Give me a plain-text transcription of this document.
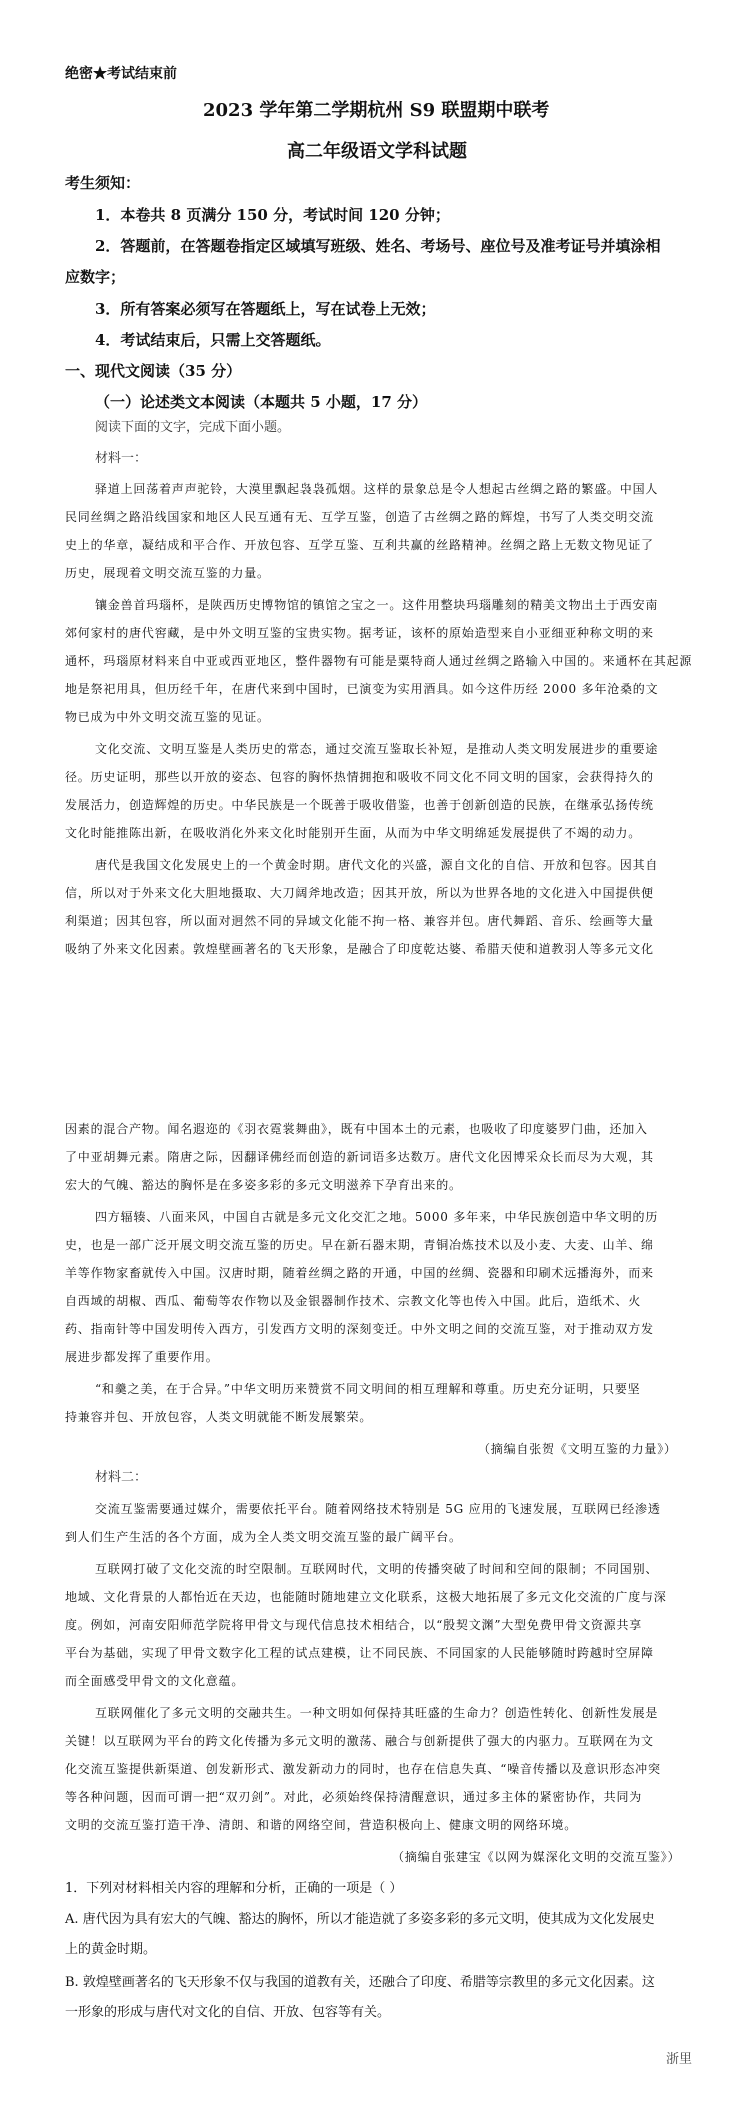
绝密★考试结束前
2023 学年第二学期杭州 S9 联盟期中联考
高二年级语文学科试题
考生须知：
1．本卷共 8 页满分 150 分，考试时间 120 分钟；
2．答题前，在答题卷指定区域填写班级、姓名、考场号、座位号及准考证号并填涂相
应数字；
3．所有答案必须写在答题纸上，写在试卷上无效；
4．考试结束后，只需上交答题纸。
一、现代文阅读（35 分）
（一）论述类文本阅读（本题共 5 小题，17 分）
阅读下面的文字，完成下面小题。
材料一：
驿道上回荡着声声驼铃，大漠里飘起袅袅孤烟。这样的景象总是令人想起古丝绸之路的繁盛。中国人
民同丝绸之路沿线国家和地区人民互通有无、互学互鉴，创造了古丝绸之路的辉煌，书写了人类交明交流
史上的华章，凝结成和平合作、开放包容、互学互鉴、互利共赢的丝路精神。丝绸之路上无数文物见证了
历史，展现着文明交流互鉴的力量。
镶金兽首玛瑙杯，是陕西历史博物馆的镇馆之宝之一。这件用整块玛瑙雕刻的精美文物出土于西安南
郊何家村的唐代窖藏，是中外文明互鉴的宝贵实物。据考证，该杯的原始造型来自小亚细亚种称文明的来
通杯，玛瑙原材料来自中亚或西亚地区，整件器物有可能是粟特商人通过丝绸之路输入中国的。来通杯在其起源
地是祭祀用具，但历经千年，在唐代来到中国时，已演变为实用酒具。如今这件历经 2000 多年沧桑的文
物已成为中外文明交流互鉴的见证。
文化交流、文明互鉴是人类历史的常态，通过交流互鉴取长补短，是推动人类文明发展进步的重要途
径。历史证明，那些以开放的姿态、包容的胸怀热情拥抱和吸收不同文化不同文明的国家，会获得持久的
发展活力，创造辉煌的历史。中华民族是一个既善于吸收借鉴，也善于创新创造的民族，在继承弘扬传统
文化时能推陈出新，在吸收消化外来文化时能别开生面，从而为中华文明绵延发展提供了不竭的动力。
唐代是我国文化发展史上的一个黄金时期。唐代文化的兴盛，源自文化的自信、开放和包容。因其自
信，所以对于外来文化大胆地摄取、大刀阔斧地改造；因其开放，所以为世界各地的文化进入中国提供便
利渠道；因其包容，所以面对迥然不同的异域文化能不拘一格、兼容并包。唐代舞蹈、音乐、绘画等大量
吸纳了外来文化因素。敦煌壁画著名的飞天形象，是融合了印度乾达婆、希腊天使和道教羽人等多元文化
因素的混合产物。闻名遐迩的《羽衣霓裳舞曲》，既有中国本土的元素，也吸收了印度婆罗门曲，还加入
了中亚胡舞元素。隋唐之际，因翻译佛经而创造的新词语多达数万。唐代文化因博采众长而尽为大观，其
宏大的气魄、豁达的胸怀是在多姿多彩的多元文明滋养下孕育出来的。
四方辐辏、八面来风，中国自古就是多元文化交汇之地。5000 多年来，中华民族创造中华文明的历
史，也是一部广泛开展文明交流互鉴的历史。早在新石器末期，青铜冶炼技术以及小麦、大麦、山羊、绵
羊等作物家畜就传入中国。汉唐时期，随着丝绸之路的开通，中国的丝绸、瓷器和印刷术远播海外，而来
自西域的胡椒、西瓜、葡萄等农作物以及金银器制作技术、宗教文化等也传入中国。此后，造纸术、火
药、指南针等中国发明传入西方，引发西方文明的深刻变迁。中外文明之间的交流互鉴，对于推动双方发
展进步都发挥了重要作用。
“和羹之美，在于合异。”中华文明历来赞赏不同文明间的相互理解和尊重。历史充分证明，只要坚
持兼容并包、开放包容，人类文明就能不断发展繁荣。
（摘编自张贺《文明互鉴的力量》）
材料二：
交流互鉴需要通过媒介，需要依托平台。随着网络技术特别是 5G 应用的飞速发展，互联网已经渗透
到人们生产生活的各个方面，成为全人类文明交流互鉴的最广阔平台。
互联网打破了文化交流的时空限制。互联网时代，文明的传播突破了时间和空间的限制；不同国别、
地域、文化背景的人都怡近在天边，也能随时随地建立文化联系，这极大地拓展了多元文化交流的广度与深
度。例如，河南安阳师范学院将甲骨文与现代信息技术相结合，以“殷契文渊”大型免费甲骨文资源共享
平台为基础，实现了甲骨文数字化工程的试点建模，让不同民族、不同国家的人民能够随时跨越时空屏障
而全面感受甲骨文的文化意蕴。
互联网催化了多元文明的交融共生。一种文明如何保持其旺盛的生命力？创造性转化、创新性发展是
关键！以互联网为平台的跨文化传播为多元文明的激荡、融合与创新提供了强大的内驱力。互联网在为文
化交流互鉴提供新渠道、创发新形式、激发新动力的同时，也存在信息失真、“噪音传播以及意识形态冲突
等各种问题，因而可谓一把“双刃剑”。对此，必须始终保持清醒意识，通过多主体的紧密协作，共同为
文明的交流互鉴打造干净、清朗、和谐的网络空间，营造积极向上、健康文明的网络环境。
（摘编自张建宝《以网为媒深化文明的交流互鉴》）
1．下列对材料相关内容的理解和分析，正确的一项是（ ）
A. 唐代因为具有宏大的气魄、豁达的胸怀，所以才能造就了多姿多彩的多元文明，使其成为文化发展史
上的黄金时期。
B. 敦煌壁画著名的飞天形象不仅与我国的道教有关，还融合了印度、希腊等宗教里的多元文化因素。这
一形象的形成与唐代对文化的自信、开放、包容等有关。
浙里
